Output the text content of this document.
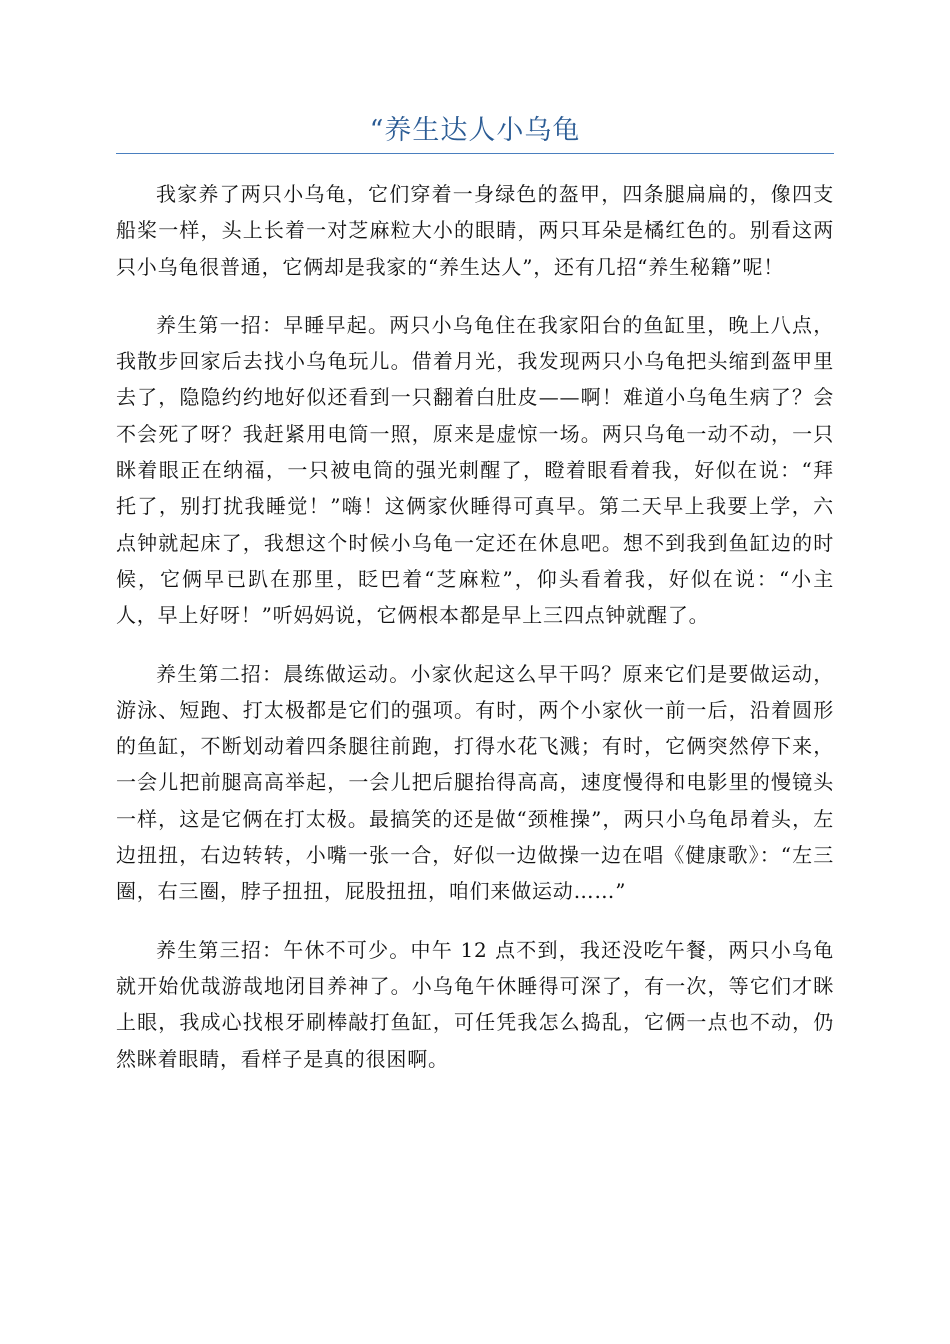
“养生达人小乌龟

我家养了两只小乌龟，它们穿着一身绿色的盔甲，四条腿扁扁的，像四支船桨一样，头上长着一对芝麻粒大小的眼睛，两只耳朵是橘红色的。别看这两只小乌龟很普通，它俩却是我家的“养生达人”，还有几招“养生秘籍”呢！

养生第一招：早睡早起。两只小乌龟住在我家阳台的鱼缸里，晚上八点，我散步回家后去找小乌龟玩儿。借着月光，我发现两只小乌龟把头缩到盔甲里去了，隐隐约约地好似还看到一只翻着白肚皮——啊！难道小乌龟生病了？会不会死了呀？我赶紧用电筒一照，原来是虚惊一场。两只乌龟一动不动，一只眯着眼正在纳福，一只被电筒的强光刺醒了，瞪着眼看着我，好似在说：“拜托了，别打扰我睡觉！”嗨！这俩家伙睡得可真早。第二天早上我要上学，六点钟就起床了，我想这个时候小乌龟一定还在休息吧。想不到我到鱼缸边的时候，它俩早已趴在那里，眨巴着“芝麻粒”，仰头看着我，好似在说：“小主人，早上好呀！”听妈妈说，它俩根本都是早上三四点钟就醒了。

养生第二招：晨练做运动。小家伙起这么早干吗？原来它们是要做运动，游泳、短跑、打太极都是它们的强项。有时，两个小家伙一前一后，沿着圆形的鱼缸，不断划动着四条腿往前跑，打得水花飞溅；有时，它俩突然停下来，一会儿把前腿高高举起，一会儿把后腿抬得高高，速度慢得和电影里的慢镜头一样，这是它俩在打太极。最搞笑的还是做“颈椎操”，两只小乌龟昂着头，左边扭扭，右边转转，小嘴一张一合，好似一边做操一边在唱《健康歌》：“左三圈，右三圈，脖子扭扭，屁股扭扭，咱们来做运动……”

养生第三招：午休不可少。中午 12 点不到，我还没吃午餐，两只小乌龟就开始优哉游哉地闭目养神了。小乌龟午休睡得可深了，有一次，等它们才眯上眼，我成心找根牙刷棒敲打鱼缸，可任凭我怎么捣乱，它俩一点也不动，仍然眯着眼睛，看样子是真的很困啊。
